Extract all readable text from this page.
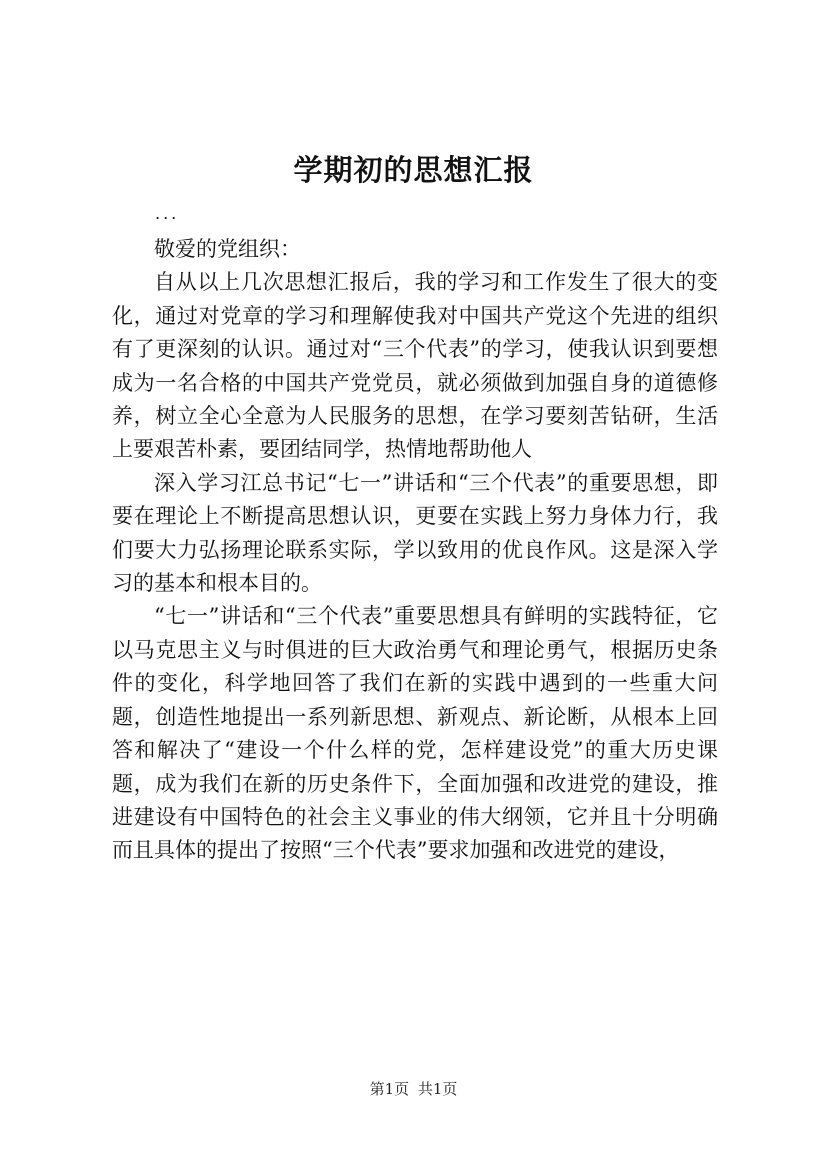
学期初的思想汇报

...

敬爱的党组织：

自从以上几次思想汇报后，我的学习和工作发生了很大的变化，通过对党章的学习和理解使我对中国共产党这个先进的组织有了更深刻的认识。通过对“三个代表”的学习，使我认识到要想成为一名合格的中国共产党党员，就必须做到加强自身的道德修养，树立全心全意为人民服务的思想，在学习要刻苦钻研，生活上要艰苦朴素，要团结同学，热情地帮助他人

深入学习江总书记“七一”讲话和“三个代表”的重要思想，即要在理论上不断提高思想认识，更要在实践上努力身体力行，我们要大力弘扬理论联系实际，学以致用的优良作风。这是深入学习的基本和根本目的。

“七一”讲话和“三个代表”重要思想具有鲜明的实践特征，它以马克思主义与时俱进的巨大政治勇气和理论勇气，根据历史条件的变化，科学地回答了我们在新的实践中遇到的一些重大问题，创造性地提出一系列新思想、新观点、新论断，从根本上回答和解决了“建设一个什么样的党，怎样建设党”的重大历史课题，成为我们在新的历史条件下，全面加强和改进党的建设，推进建设有中国特色的社会主义事业的伟大纲领，它并且十分明确而且具体的提出了按照“三个代表”要求加强和改进党的建设，

第1页 共1页
